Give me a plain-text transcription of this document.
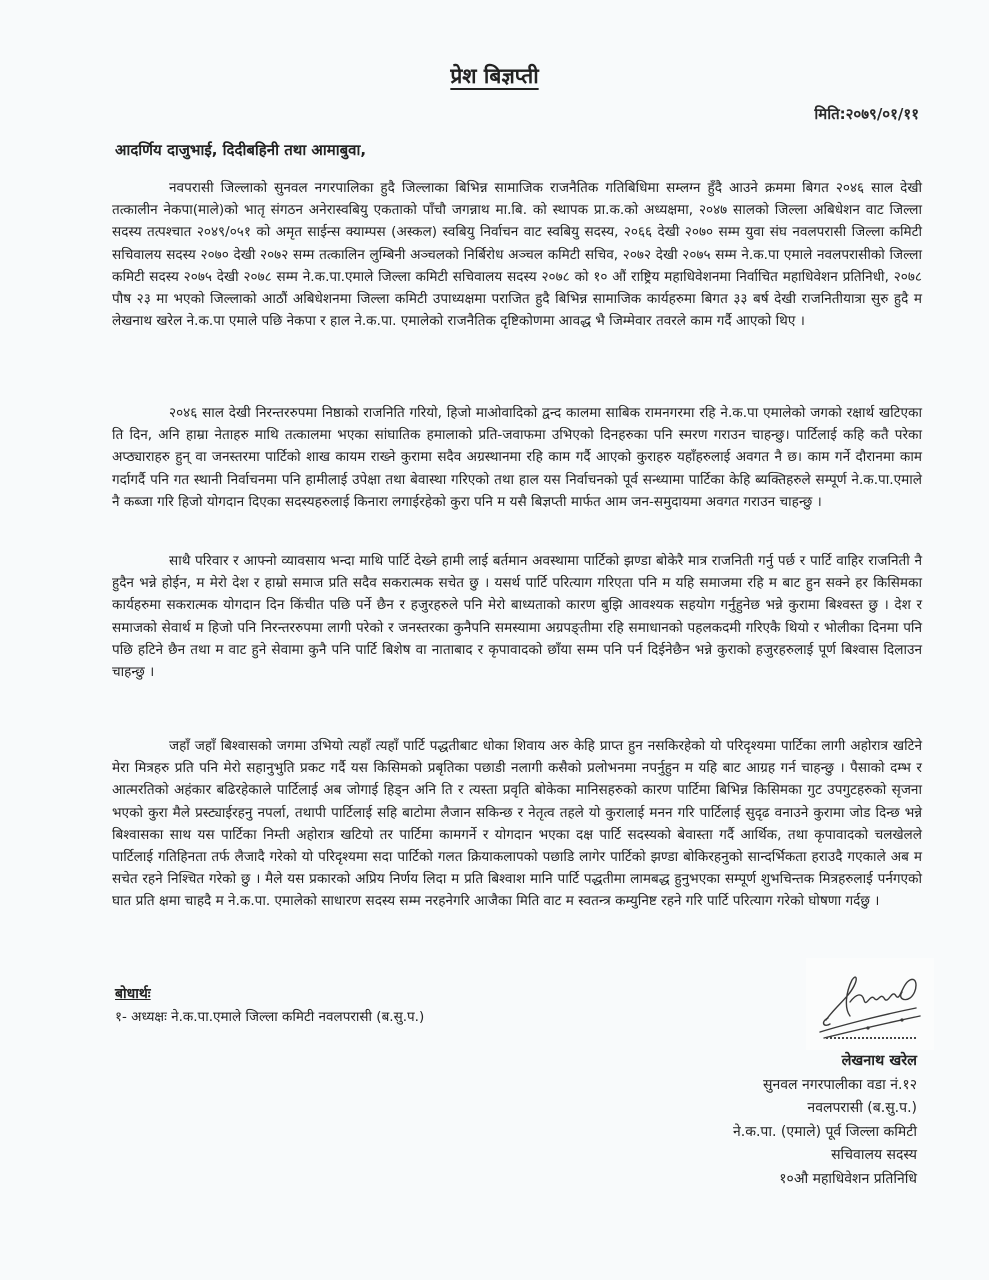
प्रेश बिज्ञप्ती
मिति:२०७९/०१/११
आदर्णिय दाजुभाई, दिदीबहिनी तथा आमाबुवा,

नवपरासी जिल्लाको सुनवल नगरपालिका हुदै जिल्लाका बिभिन्न सामाजिक राजनैतिक गतिबिधिमा सम्लग्न हुँदै आउने क्रममा बिगत २०४६ साल देखी तत्कालीन नेकपा(माले)को भातृ संगठन अनेरास्वबियु एकताको पाँचौ जगन्नाथ मा.बि. को स्थापक प्रा.क.को अध्यक्षमा, २०४७ सालको जिल्ला अबिधेशन वाट जिल्ला सदस्य तत्पश्चात २०४९/०५१ को अमृत साईन्स क्याम्पस (अस्कल) स्वबियु निर्वाचन वाट स्वबियु सदस्य, २०६६ देखी २०७० सम्म युवा संघ नवलपरासी जिल्ला कमिटी सचिवालय सदस्य २०७० देखी २०७२ सम्म तत्कालिन लुम्बिनी अञ्चलको निर्बिरोध अञ्चल कमिटी सचिव, २०७२ देखी २०७५ सम्म ने.क.पा एमाले नवलपरासीको जिल्ला कमिटी सदस्य २०७५ देखी २०७८ सम्म ने.क.पा.एमाले जिल्ला कमिटी सचिवालय सदस्य २०७८ को १० औं राष्ट्रिय महाधिवेशनमा निर्वाचित महाधिवेशन प्रतिनिधी, २०७८ पौष २३ मा भएको जिल्लाको आठौं अबिधेशनमा जिल्ला कमिटी उपाध्यक्षमा पराजित हुदै बिभिन्न सामाजिक कार्यहरुमा बिगत ३३ बर्ष देखी राजनितीयात्रा सुरु हुदै म लेखनाथ खरेल ने.क.पा एमाले पछि नेकपा र हाल ने.क.पा. एमालेको राजनैतिक दृष्टिकोणमा आवद्ध भै जिम्मेवार तवरले काम गर्दै आएको थिए ।

२०४६ साल देखी निरन्तररुपमा निष्ठाको राजनिति गरियो, हिजो माओवादिको द्वन्द कालमा साबिक रामनगरमा रहि ने.क.पा एमालेको जगको रक्षार्थ खटिएका ति दिन, अनि हाम्रा नेताहरु माथि तत्कालमा भएका सांघातिक हमालाको प्रति-जवाफमा उभिएको दिनहरुका पनि स्मरण गराउन चाहन्छु। पार्टिलाई कहि कतै परेका अप्ठ्याराहरु हुन् वा जनस्तरमा पार्टिको शाख कायम राख्ने कुरामा सदैव अग्रस्थानमा रहि काम गर्दै आएको कुराहरु यहाँहरुलाई अवगत नै छ। काम गर्ने दौरानमा काम गर्दागर्दै पनि गत स्थानी निर्वाचनमा पनि हामीलाई उपेक्षा तथा बेवास्था गरिएको तथा हाल यस निर्वाचनको पूर्व सन्ध्यामा पार्टिका केहि ब्यक्तिहरुले सम्पूर्ण ने.क.पा.एमाले नै कब्जा गरि हिजो योगदान दिएका सदस्यहरुलाई किनारा लगाईरहेको कुरा पनि म यसै बिज्ञप्ती मार्फत आम जन-समुदायमा अवगत गराउन चाहन्छु ।

साथै परिवार र आफ्नो व्यावसाय भन्दा माथि पार्टि देख्ने हामी लाई बर्तमान अवस्थामा पार्टिको झण्डा बोकेरै मात्र राजनिती गर्नु पर्छ र पार्टि वाहिर राजनिती नै हुदैन भन्ने होईन, म मेरो देश र हाम्रो समाज प्रति सदैव सकरात्मक सचेत छु । यसर्थ पार्टि परित्याग गरिएता पनि म यहि समाजमा रहि म बाट हुन सक्ने हर किसिमका कार्यहरुमा सकरात्मक योगदान दिन किंचीत पछि पर्ने छैन र हजुरहरुले पनि मेरो बाध्यताको कारण बुझि आवश्यक सहयोग गर्नुहुनेछ भन्ने कुरामा बिश्वस्त छु । देश र समाजको सेवार्थ म हिजो पनि निरन्तररुपमा लागी परेको र जनस्तरका कुनैपनि समस्यामा अग्रपङ्तीमा रहि समाधानको पहलकदमी गरिएकै थियो र भोलीका दिनमा पनि पछि हटिने छैन तथा म वाट हुने सेवामा कुनै पनि पार्टि बिशेष वा नाताबाद र कृपावादको छाँया सम्म पनि पर्न दिईनेछैन भन्ने कुराको हजुरहरुलाई पूर्ण बिश्वास दिलाउन चाहन्छु ।

जहाँ जहाँ बिश्वासको जगमा उभियो त्यहाँ त्यहाँ पार्टि पद्धतीबाट धोका शिवाय अरु केहि प्राप्त हुन नसकिरहेको यो परिदृश्यमा पार्टिका लागी अहोरात्र खटिने मेरा मित्रहरु प्रति पनि मेरो सहानुभुति प्रकट गर्दै यस किसिमको प्रबृतिका पछाडी नलागी कसैको प्रलोभनमा नपर्नुहुन म यहि बाट आग्रह गर्न चाहन्छु । पैसाको दम्भ र आत्मरतिको अहंकार बढिरहेकाले पार्टिलाई अब जोगाई हिड्न अनि ति र त्यस्ता प्रवृति बोकेका मानिसहरुको कारण पार्टिमा बिभिन्न किसिमका गुट उपगुटहरुको सृजना भएको कुरा मैले प्रस्ट्याईरहनु नपर्ला, तथापी पार्टिलाई सहि बाटोमा लैजान सकिन्छ र नेतृत्व तहले यो कुरालाई मनन गरि पार्टिलाई सुदृढ वनाउने कुरामा जोड दिन्छ भन्ने बिश्वासका साथ यस पार्टिका निम्ती अहोरात्र खटियो तर पार्टिमा कामगर्ने र योगदान भएका दक्ष पार्टि सदस्यको बेवास्ता गर्दै आर्थिक, तथा कृपावादको चलखेलले पार्टिलाई गतिहिनता तर्फ लैजादै गरेको यो परिदृश्यमा सदा पार्टिको गलत क्रियाकलापको पछाडि लागेर पार्टिको झण्डा बोकिरहनुको सान्दर्भिकता हराउदै गएकाले अब म सचेत रहने निश्चित गरेको छु । मैले यस प्रकारको अप्रिय निर्णय लिदा म प्रति बिश्वाश मानि पार्टि पद्धतीमा लामबद्ध हुनुभएका सम्पूर्ण शुभचिन्तक मित्रहरुलाई पर्नगएको घात प्रति क्षमा चाहदै म ने.क.पा. एमालेको साधारण सदस्य सम्म नरहनेगरि आजैका मिति वाट म स्वतन्त्र कम्युनिष्ट रहने गरि पार्टि परित्याग गरेको घोषणा गर्दछु ।

बोधार्थः
१- अध्यक्षः ने.क.पा.एमाले जिल्ला कमिटी नवलपरासी (ब.सु.प.)
लेखनाथ खरेल
सुनवल नगरपालीका वडा नं.१२
नवलपरासी (ब.सु.प.)
ने.क.पा. (एमाले) पूर्व जिल्ला कमिटी
सचिवालय सदस्य
१०औ महाधिवेशन प्रतिनिधि
